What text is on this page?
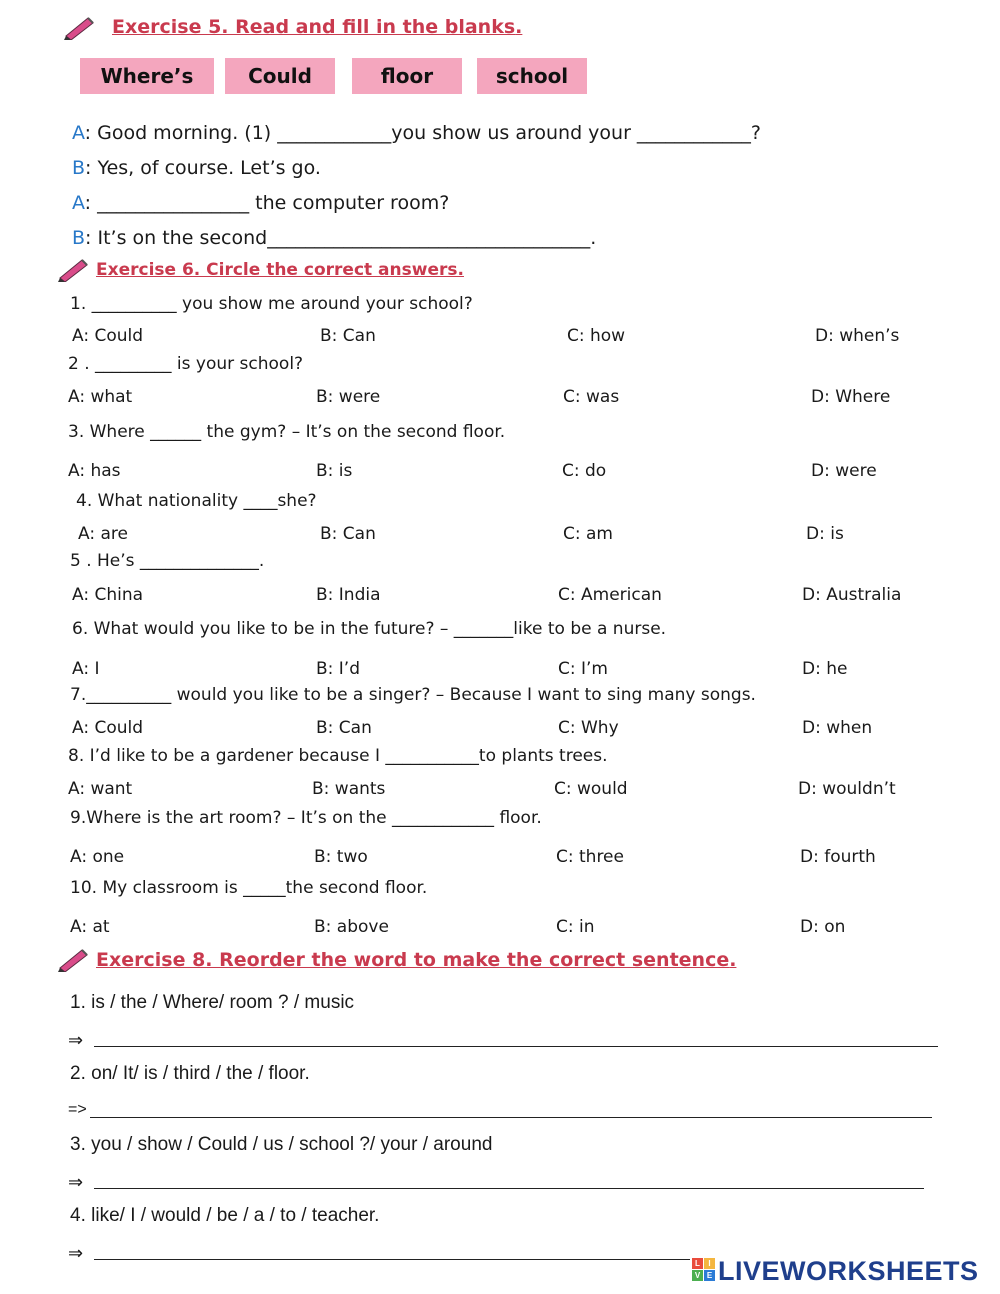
Exercise 5. Read and fill in the blanks.
Where’s	Could	floor	school
A: Good morning. (1) ____________you show us around your ____________?
B: Yes, of course. Let’s go.
A: ________________ the computer room?
B: It’s on the second__________________________________.
Exercise 6. Circle the correct answers.
1. __________ you show me around your school?
A: Could	B: Can	C: how	D: when’s
2 . _________ is your school?
A: what	B: were	C: was	D: Where
3. Where ______ the gym? – It’s on the second floor.
A: has	B: is	C: do	D: were
4. What nationality ____she?
A: are	B: Can	C: am	D: is
5 . He’s ______________.
A: China	B: India	C: American	D: Australia
6. What would you like to be in the future? – _______like to be a nurse.
A: I	B: I’d	C: I’m	D: he
7.__________ would you like to be a singer? – Because I want to sing many songs.
A: Could	B: Can	C: Why	D: when
8. I’d like to be a gardener because I ___________to plants trees.
A: want	B: wants	C: would	D: wouldn’t
9.Where is the art room? – It’s on the ____________ floor.
A: one	B: two	C: three	D: fourth
10. My classroom is _____the second floor.
A: at	B: above	C: in	D: on
Exercise 8. Reorder the word to make the correct sentence.
1. is / the / Where/ room ? / music
⇒
2. on/ It/ is / third / the / floor.
=>
3. you / show / Could / us / school ?/ your / around
⇒
4. like/ I / would / be / a / to / teacher.
⇒
L	I
V E LIVEWORKSHEETS
